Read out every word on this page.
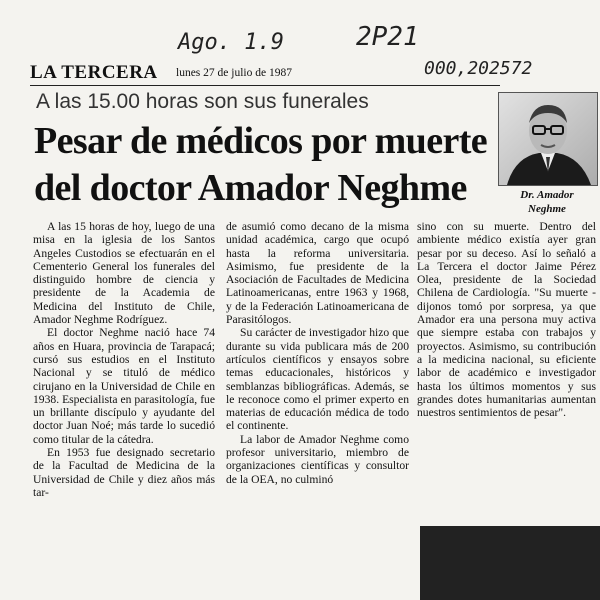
Ago. 1.9	2P21
000,202572
LA TERCERA lunes 27 de julio de 1987
A las 15.00 horas son sus funerales
Pesar de médicos por muerte
del doctor Amador Neghme	Dr. Amador
Neghme

A las 15 horas de hoy, luego de una misa en la iglesia de los Santos Angeles Custodios se efectuarán en el Cementerio General los funerales del distinguido hombre de ciencia y presidente de la Academia de Medicina del Instituto de Chile, Amador Neghme Rodríguez.

El doctor Neghme nació hace 74 años en Huara, provincia de Tarapacá; cursó sus estudios en el Instituto Nacional y se tituló de médico cirujano en la Universidad de Chile en 1938. Especialista en parasitología, fue un brillante discípulo y ayudante del doctor Juan Noé; más tarde lo sucedió como titular de la cátedra.

En 1953 fue designado secretario de la Facultad de Medicina de la Universidad de Chile y diez años más tar-

de asumió como decano de la misma unidad académica, cargo que ocupó hasta la reforma universitaria. Asimismo, fue presidente de la Asociación de Facultades de Medicina Latinoamericanas, entre 1963 y 1968, y de la Federación Latinoamericana de Parasitólogos.

Su carácter de investigador hizo que durante su vida publicara más de 200 artículos científicos y ensayos sobre temas educacionales, históricos y semblanzas bibliográficas. Además, se le reconoce como el primer experto en materias de educación médica de todo el continente.

La labor de Amador Neghme como profesor universitario, miembro de organizaciones científicas y consultor de la OEA, no culminó

sino con su muerte. Dentro del ambiente médico existía ayer gran pesar por su deceso. Así lo señaló a La Tercera el doctor Jaime Pérez Olea, presidente de la Sociedad Chilena de Cardiología. "Su muerte -dijonos tomó por sorpresa, ya que Amador era una persona muy activa que siempre estaba con trabajos y proyectos. Asimismo, su contribución a la medicina nacional, su eficiente labor de académico e investigador hasta los últimos momentos y sus grandes dotes humanitarias aumentan nuestros sentimientos de pesar".
